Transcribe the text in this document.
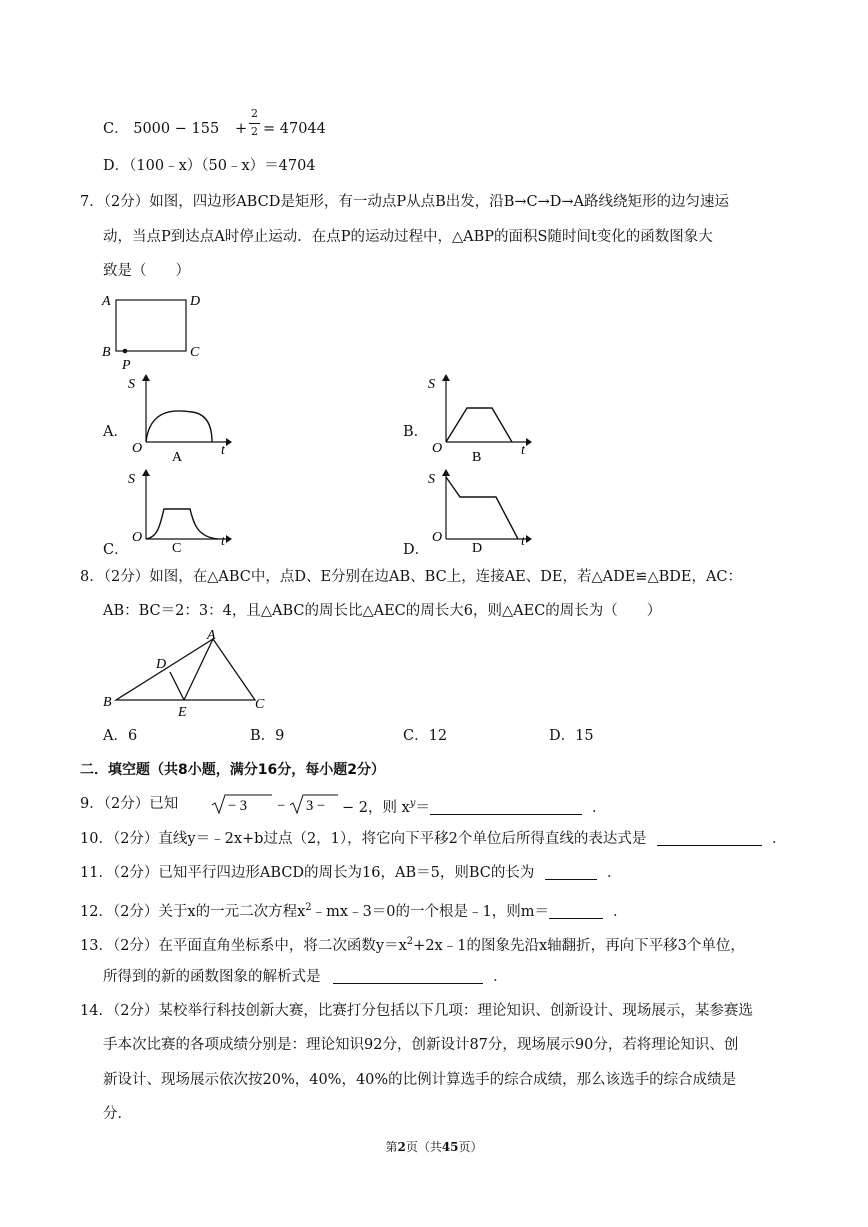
C． 5000 − 155 +
2
2 = 47044
D．（100﹣x）（50﹣x）＝4704
7．（2分）如图，四边形ABCD是矩形，有一动点P从点B出发，沿B→C→D→A路线绕矩形的边匀速运
动，当点P到达点A时停止运动．在点P的运动过程中，△ABP的面积S随时间t变化的函数图象大
致是（　　）
A	D
B	C
P
A．
S
O	t
A
B．
S
O	t
B
C．
S
O	t
C	D．
S
O	t
D
8．（2分）如图，在△ABC中，点D、E分别在边AB、BC上，连接AE、DE，若△ADE≌△BDE，AC：
AB：BC＝2：3：4，且△ABC的周长比△AEC的周长大6，则△AEC的周长为（　　）
A
B	C
D
E
A．6	B．9	C．12	D．15
二．填空题（共8小题，满分16分，每小题2分）
9．（2分）已知	− 3 − 3 − − 2，则 $x^y=$	．
10．（2分）直线y＝﹣2x+b过点（2，1），将它向下平移2个单位后所得直线的表达式是	．
11．（2分）已知平行四边形ABCD的周长为16，AB＝5，则BC的长为	．
12．（2分）关于x的一元二次方程$x^2﹣mx﹣3=0$的一个根是﹣1，则m＝	．
13．（2分）在平面直角坐标系中，将二次函数$y=x^2+2x﹣1$的图象先沿x轴翻折，再向下平移3个单位，
所得到的新的函数图象的解析式是	．
14．（2分）某校举行科技创新大赛，比赛打分包括以下几项：理论知识、创新设计、现场展示，某参赛选
手本次比赛的各项成绩分别是：理论知识92分，创新设计87分，现场展示90分，若将理论知识、创
新设计、现场展示依次按20%，40%，40%的比例计算选手的综合成绩，那么该选手的综合成绩是
分．
第2页（共45页）
